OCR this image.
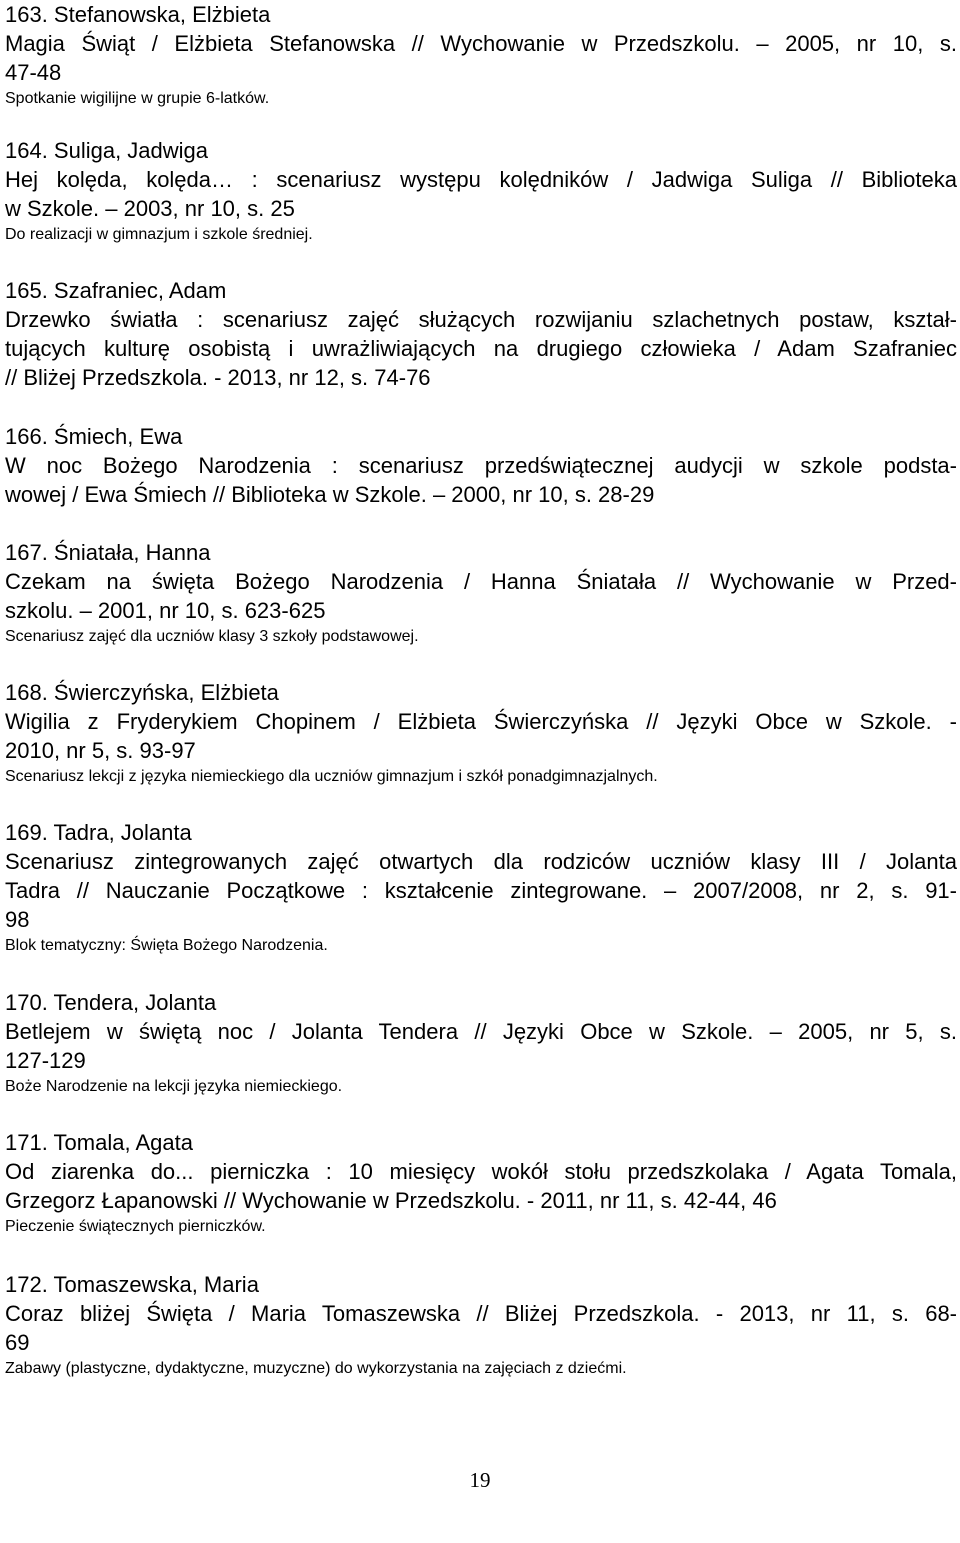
163. Stefanowska, Elżbieta
Magia Świąt / Elżbieta Stefanowska // Wychowanie w Przedszkolu. – 2005, nr 10, s.
47-48
Spotkanie wigilijne w grupie 6-latków.
164. Suliga, Jadwiga
Hej kolęda, kolęda… : scenariusz występu kolędników / Jadwiga Suliga // Biblioteka
w Szkole. – 2003, nr 10, s. 25
Do realizacji w gimnazjum i szkole średniej.
165. Szafraniec, Adam
Drzewko światła : scenariusz zajęć służących rozwijaniu szlachetnych postaw, kształ-
tujących kulturę osobistą i uwrażliwiających na drugiego człowieka / Adam Szafraniec
// Bliżej Przedszkola. - 2013, nr 12, s. 74-76
166. Śmiech, Ewa
W noc Bożego Narodzenia : scenariusz przedświątecznej audycji w szkole podsta-
wowej / Ewa Śmiech // Biblioteka w Szkole. – 2000, nr 10, s. 28-29
167. Śniatała, Hanna
Czekam na święta Bożego Narodzenia / Hanna Śniatała // Wychowanie w Przed-
szkolu. – 2001, nr 10, s. 623-625
Scenariusz zajęć dla uczniów klasy 3 szkoły podstawowej.
168. Świerczyńska, Elżbieta
Wigilia z Fryderykiem Chopinem / Elżbieta Świerczyńska // Języki Obce w Szkole. -
2010, nr 5, s. 93-97
Scenariusz lekcji z języka niemieckiego dla uczniów gimnazjum i szkół ponadgimnazjalnych.
169. Tadra, Jolanta
Scenariusz zintegrowanych zajęć otwartych dla rodziców uczniów klasy III / Jolanta
Tadra // Nauczanie Początkowe : kształcenie zintegrowane. – 2007/2008, nr 2, s. 91-
98
Blok tematyczny: Święta Bożego Narodzenia.
170. Tendera, Jolanta
Betlejem w świętą noc / Jolanta Tendera // Języki Obce w Szkole. – 2005, nr 5, s.
127-129
Boże Narodzenie na lekcji języka niemieckiego.
171. Tomala, Agata
Od ziarenka do... pierniczka : 10 miesięcy wokół stołu przedszkolaka / Agata Tomala,
Grzegorz Łapanowski // Wychowanie w Przedszkolu. - 2011, nr 11, s. 42-44, 46
Pieczenie świątecznych pierniczków.
172. Tomaszewska, Maria
Coraz bliżej Święta / Maria Tomaszewska // Bliżej Przedszkola. - 2013, nr 11, s. 68-
69
Zabawy (plastyczne, dydaktyczne, muzyczne) do wykorzystania na zajęciach z dziećmi.
19
